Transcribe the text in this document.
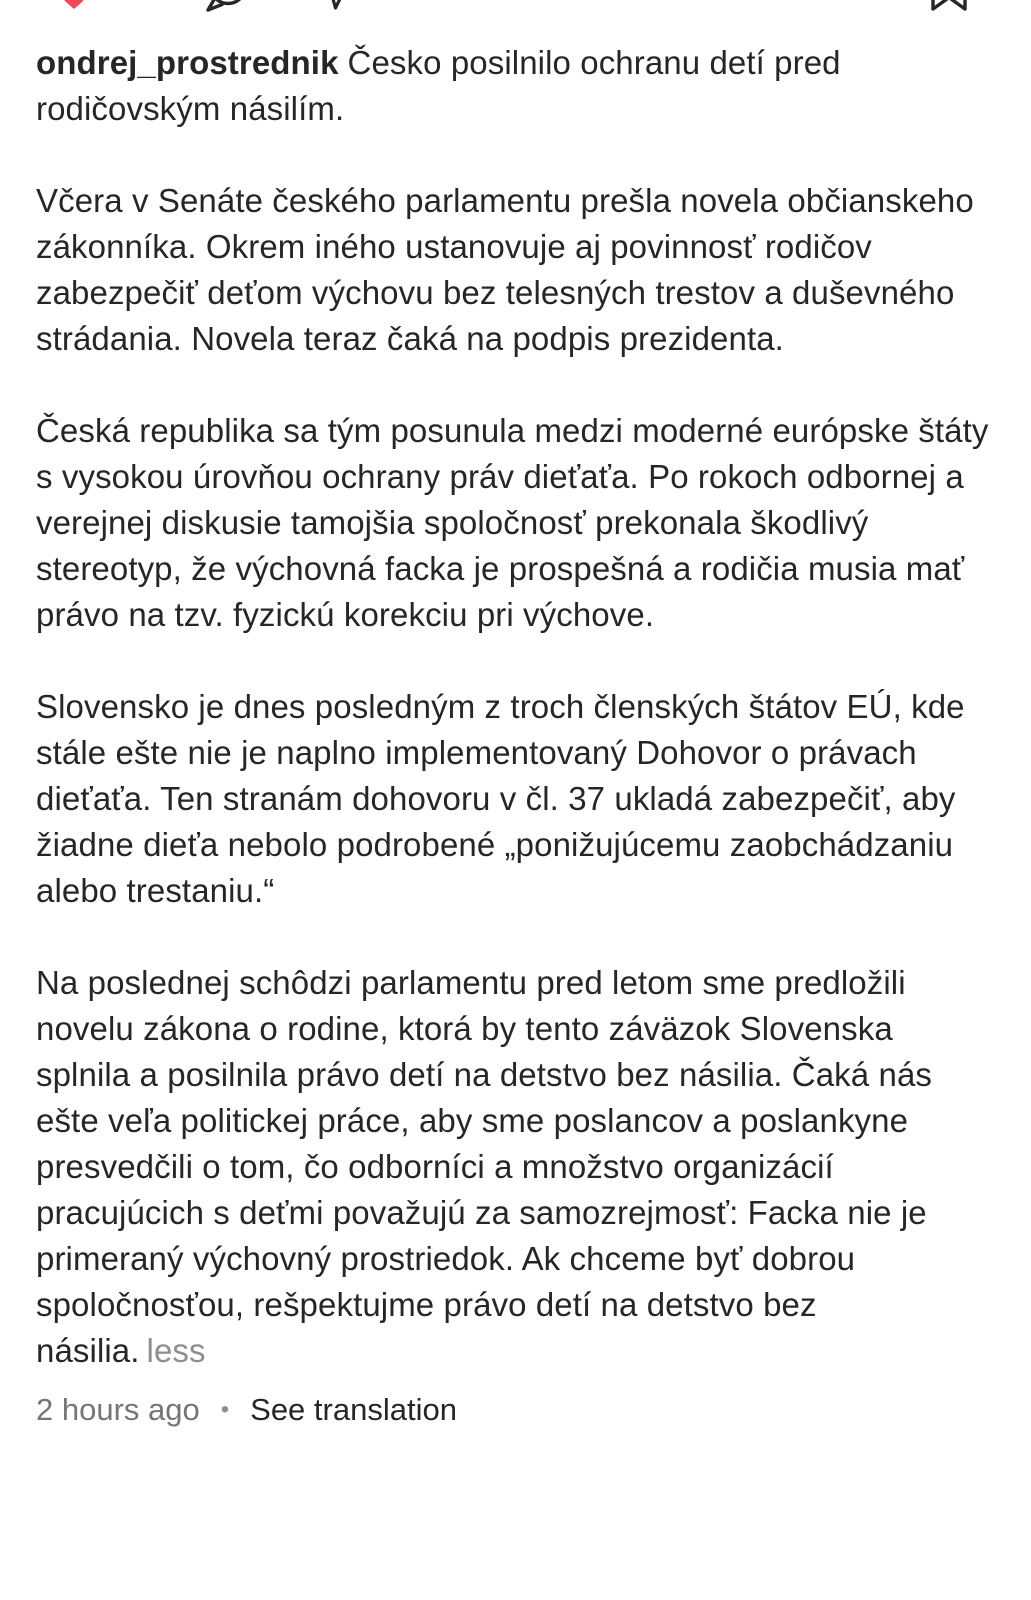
ondrej_prostrednik Česko posilnilo ochranu detí pred rodičovským násilím.

Včera v Senáte českého parlamentu prešla novela občianskeho zákonníka. Okrem iného ustanovuje aj povinnosť rodičov zabezpečiť deťom výchovu bez telesných trestov a duševného strádania. Novela teraz čaká na podpis prezidenta.

Česká republika sa tým posunula medzi moderné európske štáty s vysokou úrovňou ochrany práv dieťaťa. Po rokoch odbornej a verejnej diskusie tamojšia spoločnosť prekonala škodlivý stereotyp, že výchovná facka je prospešná a rodičia musia mať právo na tzv. fyzickú korekciu pri výchove.

Slovensko je dnes posledným z troch členských štátov EÚ, kde stále ešte nie je naplno implementovaný Dohovor o právach dieťaťa. Ten stranám dohovoru v čl. 37 ukladá zabezpečiť, aby žiadne dieťa nebolo podrobené „ponižujúcemu zaobchádzaniu alebo trestaniu.“

Na poslednej schôdzi parlamentu pred letom sme predložili novelu zákona o rodine, ktorá by tento záväzok Slovenska splnila a posilnila právo detí na detstvo bez násilia. Čaká nás ešte veľa politickej práce, aby sme poslancov a poslankyne presvedčili o tom, čo odborníci a množstvo organizácií pracujúcich s deťmi považujú za samozrejmosť: Facka nie je primeraný výchovný prostriedok. Ak chceme byť dobrou spoločnosťou, rešpektujme právo detí na detstvo bez násilia. less

2 hours ago • See translation
